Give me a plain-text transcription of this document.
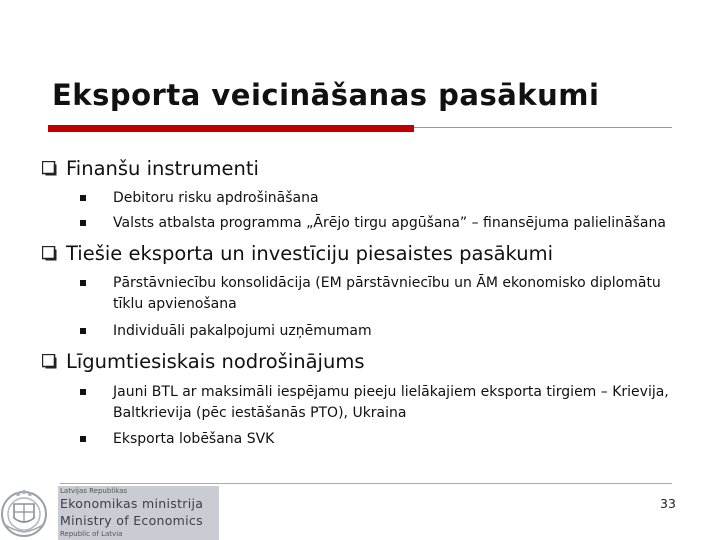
Eksporta veicināšanas pasākumi
Finanšu instrumenti
Debitoru risku apdrošināšana
Valsts atbalsta programma „Ārējo tirgu apgūšana” – finansējuma palielināšana
Tiešie eksporta un investīciju piesaistes pasākumi
Pārstāvniecību konsolidācija (EM pārstāvniecību un ĀM ekonomisko diplomātu tīklu apvienošana
Individuāli pakalpojumi uzņēmumam
Līgumtiesiskais nodrošinājums
Jauni BTL ar maksimāli iespējamu pieeju lielākajiem eksporta tirgiem – Krievija, Baltkrievija (pēc iestāšanās PTO), Ukraina
Eksporta lobēšana SVK
33
Latvijas Republikas
Ekonomikas ministrija
Ministry of Economics
Republic of Latvia
